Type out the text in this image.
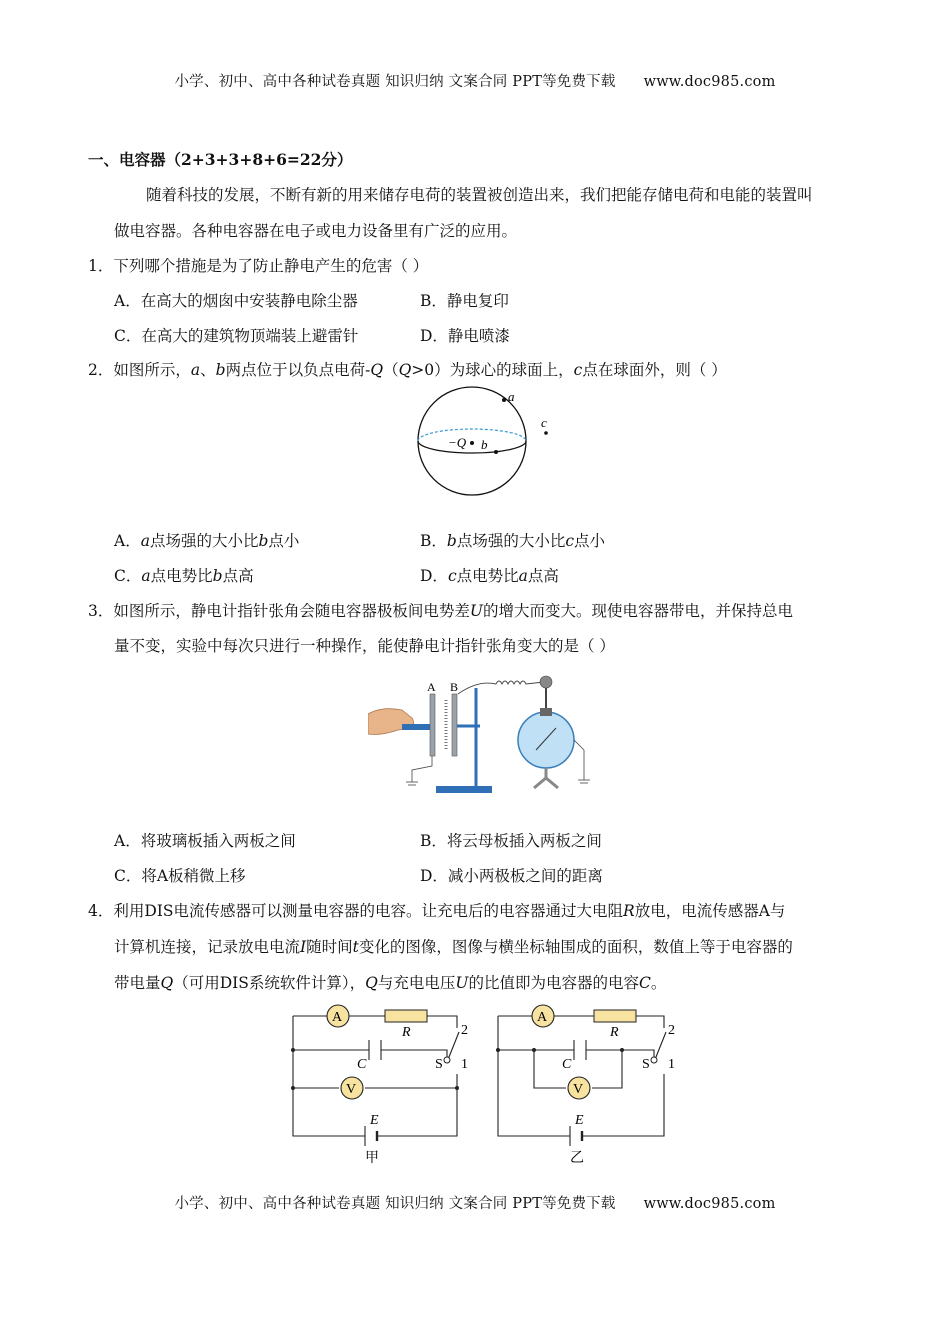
小学、初中、高中各种试卷真题 知识归纳 文案合同 PPT等免费下载 www.doc985.com
一、电容器（2+3+3+8+6=22分）
随着科技的发展，不断有新的用来储存电荷的装置被创造出来，我们把能存储电荷和电能的装置叫
做电容器。各种电容器在电子或电力设备里有广泛的应用。
1．下列哪个措施是为了防止静电产生的危害（ ）
A．在高大的烟囱中安装静电除尘器	B．静电复印
C．在高大的建筑物顶端装上避雷针	D．静电喷漆
2．如图所示，a、b两点位于以负点电荷-Q（Q>0）为球心的球面上，c点在球面外，则（ ）
−Q
a
b
c
A．a点场强的大小比b点小	B．b点场强的大小比c点小
C．a点电势比b点高	D．c点电势比a点高
3．如图所示，静电计指针张角会随电容器极板间电势差U的增大而变大。现使电容器带电，并保持总电
量不变，实验中每次只进行一种操作，能使静电计指针张角变大的是（ ）
A B
A．将玻璃板插入两板之间	B．将云母板插入两板之间
C．将A板稍微上移	D．减小两极板之间的距离
4．利用DIS电流传感器可以测量电容器的电容。让充电后的电容器通过大电阻R放电，电流传感器A与
计算机连接，记录放电电流I随时间t变化的图像，图像与横坐标轴围成的面积，数值上等于电容器的
带电量Q（可用DIS系统软件计算），Q与充电电压U的比值即为电容器的电容C。
A
R
C	S
2
1
V
E
甲
A
R
C	S
2
1
V
E
乙
小学、初中、高中各种试卷真题 知识归纳 文案合同 PPT等免费下载 www.doc985.com
